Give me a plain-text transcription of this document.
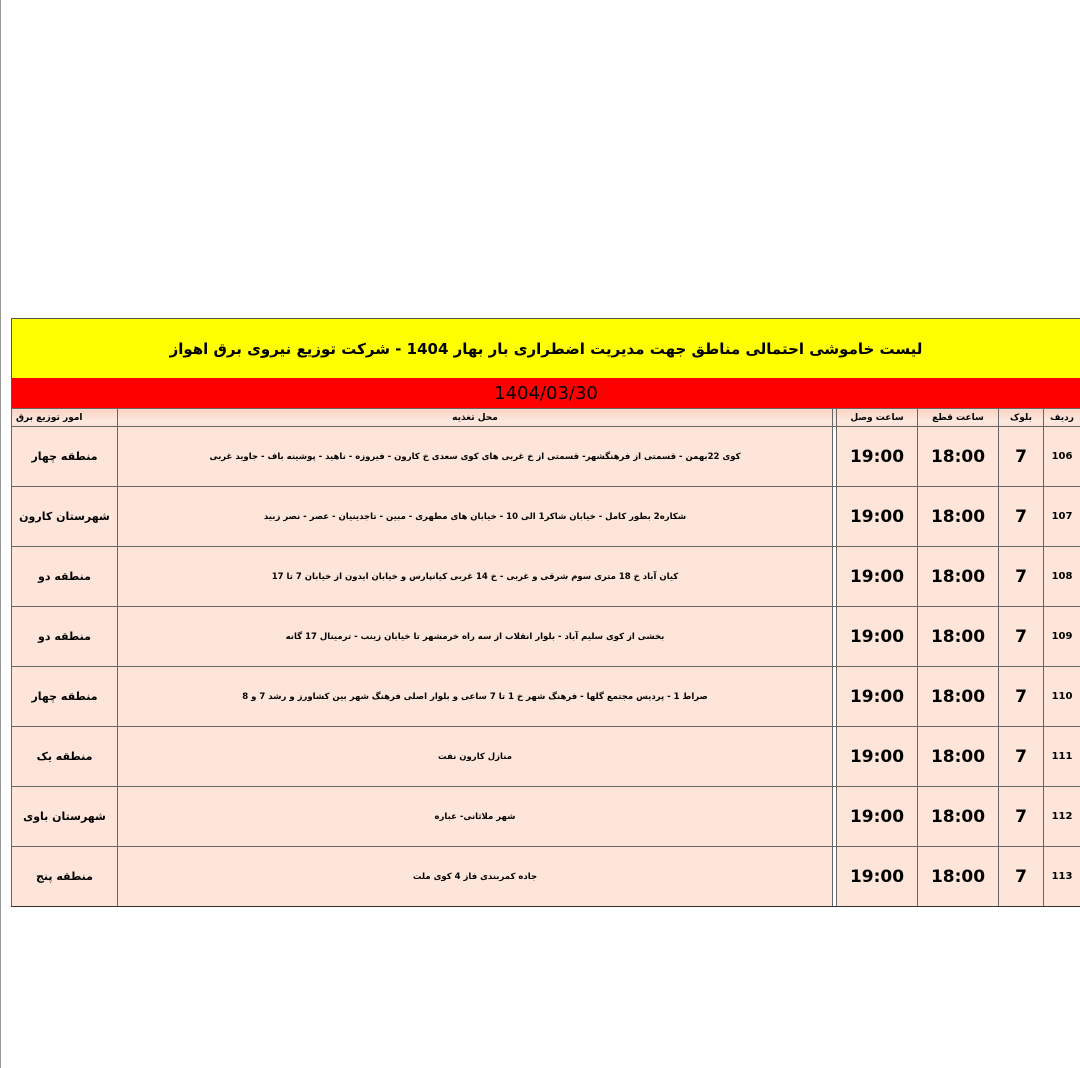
لیست خاموشی احتمالی مناطق جهت مدیریت اضطراری بار بهار 1404 - شرکت توزیع نیروی برق اهواز
1404/03/30
ردیف	بلوک	ساعت قطع	ساعت وصل		محل تغذیه	امور توزیع برق
106	7	18:00	19:00		کوی 22بهمن - قسمتی از فرهنگشهر- قسمتی از خ غربی های کوی سعدی خ کارون - فیروزه - ناهید - پوشینه باف - جاوید غربی	منطقه چهار
107	7	18:00	19:00		شکاره2 بطور کامل - خیابان شاکر1 الی 10 - خیابان های مطهری - مبین - تاجدینیان - عصر - نصر زبید	شهرستان کارون
108	7	18:00	19:00		کیان آباد خ 18 متری سوم شرقی و غربی - خ 14 غربی کیانپارس و خیابان ایدون از خیابان 7 تا 17	منطقه دو
109	7	18:00	19:00		بخشی از کوی سلیم آباد - بلوار انقلاب از سه راه خرمشهر تا خیابان زینب - ترمینال 17 گانه	منطقه دو
110	7	18:00	19:00		صراط 1 - پردیس مجتمع گلها - فرهنگ شهر خ 1 تا 7 ساعی و بلوار اصلی فرهنگ شهر بین کشاورز و رشد 7 و 8	منطقه چهار
111	7	18:00	19:00		منازل کارون نفت	منطقه یک
112	7	18:00	19:00		شهر ملاثانی- عباره	شهرستان باوی
113	7	18:00	19:00		جاده کمربندی فاز 4 کوی ملت	منطقه پنج
